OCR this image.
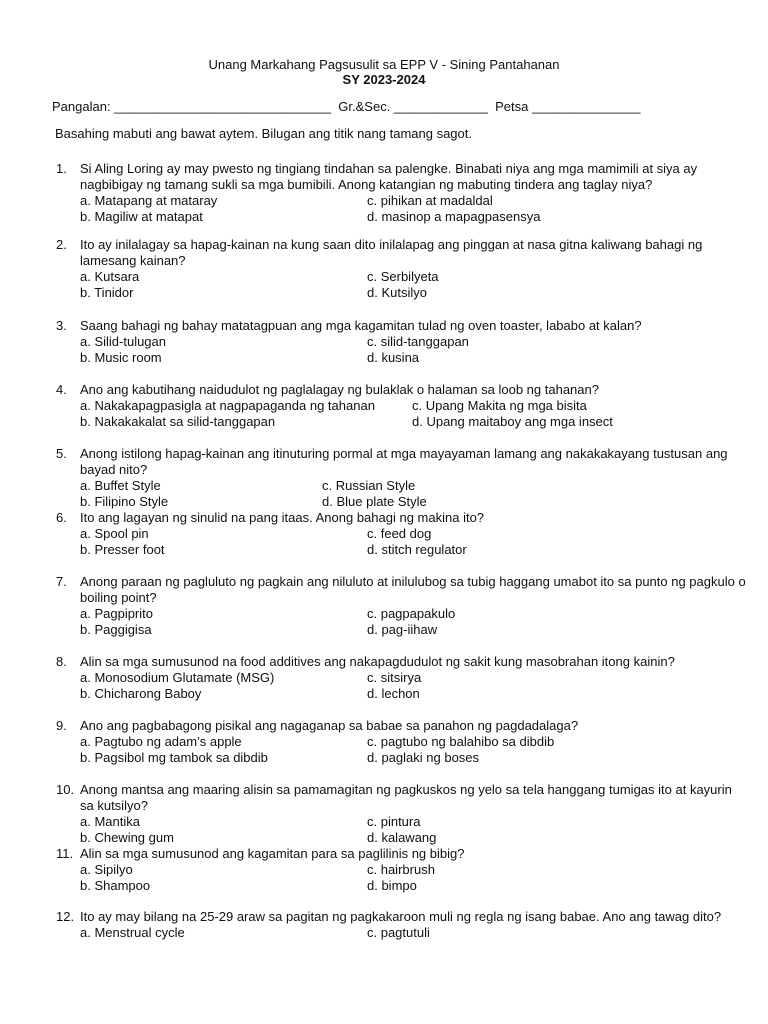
Unang Markahang Pagsusulit sa EPP V - Sining Pantahanan
SY 2023-2024
Pangalan: ______________________________  Gr.&Sec. _____________  Petsa _______________
Basahing mabuti ang bawat aytem. Bilugan ang titik nang tamang sagot.
1. Si Aling Loring ay may pwesto ng tingiang tindahan sa palengke. Binabati niya ang mga mamimili at siya ay nagbibigay ng tamang sukli sa mga bumibili. Anong katangian ng mabuting tindera ang taglay niya?
a. Matapang at mataray	c. pihikan at madaldal
b. Magiliw at matapat	d. masinop a mapagpasensya
2. Ito ay inilalagay sa hapag-kainan na kung saan dito inilalapag ang pinggan at nasa gitna kaliwang bahagi ng lamesang kainan?
a. Kutsara	c. Serbilyeta
b. Tinidor	d. Kutsilyo
3. Saang bahagi ng bahay matatagpuan ang mga kagamitan tulad ng oven toaster, lababo at kalan?
a. Silid-tulugan	c. silid-tanggapan
b. Music room	d. kusina
4. Ano ang kabutihang naidudulot ng paglalagay ng bulaklak o halaman sa loob ng tahanan?
a. Nakakapagpasigla at nagpapaganda ng tahanan	c. Upang Makita ng mga bisita
b. Nakakakalat sa silid-tanggapan	d. Upang maitaboy ang mga insect
5. Anong istilong hapag-kainan ang itinuturing pormal at mga mayayaman lamang ang nakakakayang tustusan ang bayad nito?
a. Buffet Style	c. Russian Style
b. Filipino Style	d. Blue plate Style
6. Ito ang lagayan ng sinulid na pang itaas. Anong bahagi ng makina ito?
a. Spool pin	c. feed dog
b. Presser foot	d. stitch regulator
7. Anong paraan ng pagluluto ng pagkain ang niluluto at inilulubog sa tubig haggang umabot ito sa punto ng pagkulo o boiling point?
a. Pagpiprito	c. pagpapakulo
b. Paggigisa	d. pag-iihaw
8. Alin sa mga sumusunod na food additives ang nakapagdudulot ng sakit kung masobrahan itong kainin?
a. Monosodium Glutamate (MSG)	c. sitsirya
b. Chicharong Baboy	d. lechon
9. Ano ang pagbabagong pisikal ang nagaganap sa babae sa panahon ng pagdadalaga?
a. Pagtubo ng adam’s apple	c. pagtubo ng balahibo sa dibdib
b. Pagsibol mg tambok sa dibdib	d. paglaki ng boses
10. Anong mantsa ang maaring alisin sa pamamagitan ng pagkuskos ng yelo sa tela hanggang tumigas ito at kayurin sa kutsilyo?
a. Mantika	c. pintura
b. Chewing gum	d. kalawang
11. Alin sa mga sumusunod ang kagamitan para sa paglilinis ng bibig?
a. Sipilyo	c. hairbrush
b. Shampoo	d. bimpo
12. Ito ay may bilang na 25-29 araw sa pagitan ng pagkakaroon muli ng regla ng isang babae. Ano ang tawag dito?
a. Menstrual cycle	c. pagtutuli
